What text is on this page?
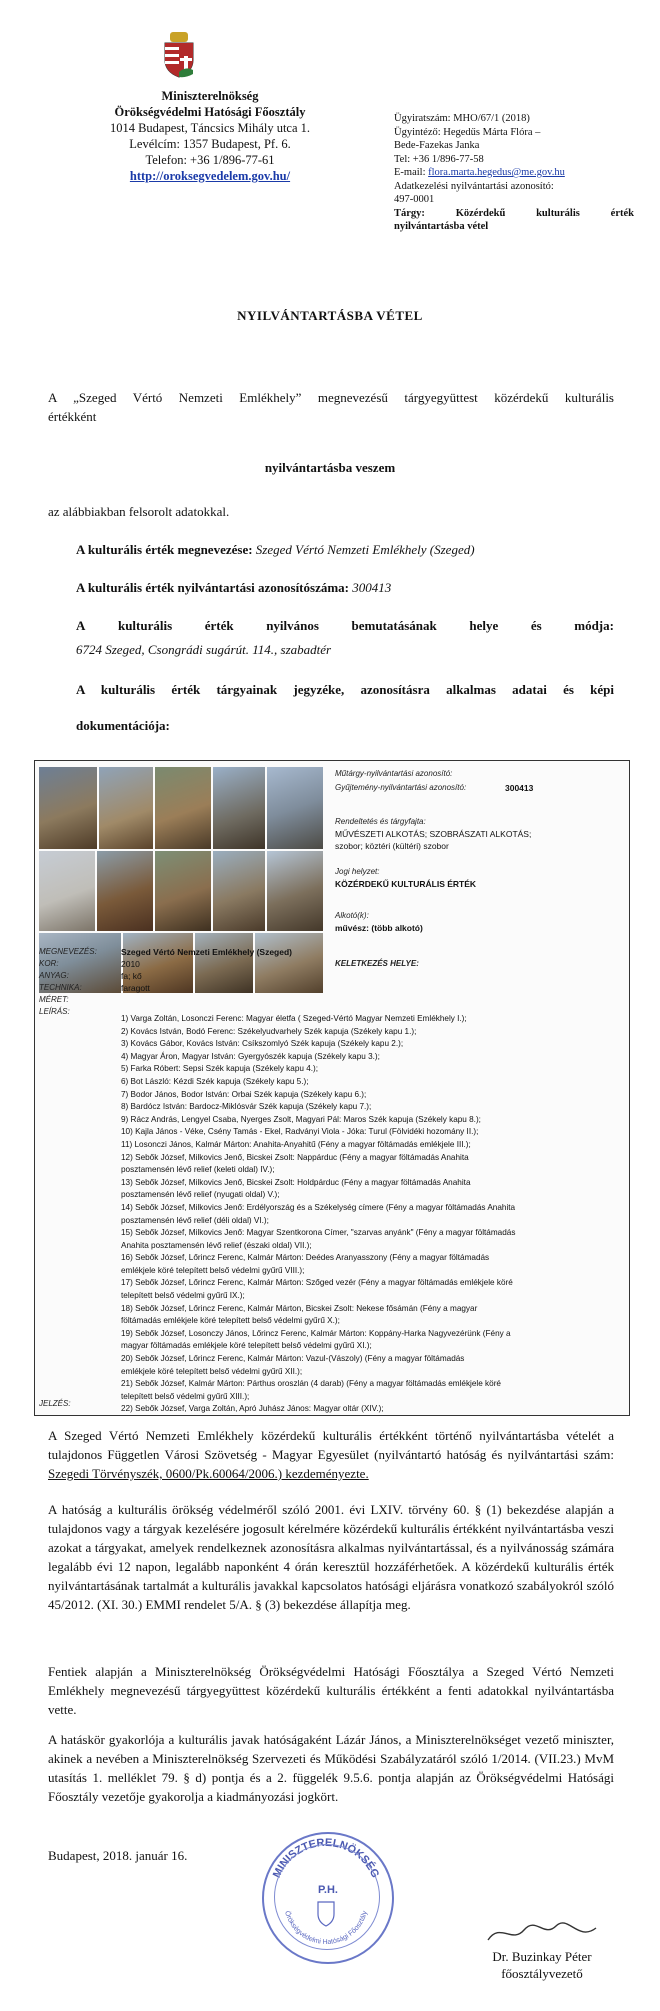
Miniszterelnökség
Örökségvédelmi Hatósági Főosztály
1014 Budapest, Táncsics Mihály utca 1.
Levélcím: 1357 Budapest, Pf. 6.
Telefon: +36 1/896-77-61
http://oroksegvedelem.gov.hu/
Ügyiratszám: MHO/67/1 (2018)
Ügyintéző: Hegedűs Márta Flóra –
Bede-Fazekas Janka
Tel: +36 1/896-77-58
E-mail: flora.marta.hegedus@me.gov.hu
Adatkezelési nyilvántartási azonosító:
497-0001
Tárgy:	Közérdekű	kulturális	érték
nyilvántartásba vétel
NYILVÁNTARTÁSBA VÉTEL
A „Szeged Vértó Nemzeti Emlékhely” megnevezésű tárgyegyüttest közérdekű kulturális
értékként
nyilvántartásba veszem
az alábbiakban felsorolt adatokkal.
A kulturális érték megnevezése: Szeged Vértó Nemzeti Emlékhely (Szeged)
A kulturális érték nyilvántartási azonosítószáma: 300413
A	kulturális	érték	nyilvános	bemutatásának	helye	és	módja:
6724 Szeged, Csongrádi sugárút. 114., szabadtér
A kulturális érték tárgyainak jegyzéke, azonosításra alkalmas adatai és képi
dokumentációja:
Műtárgy-nyilvántartási azonosító:
Gyűjtemény-nyilvántartási azonosító:	300413
Rendeltetés és tárgyfajta:
MŰVÉSZETI ALKOTÁS; SZOBRÁSZATI ALKOTÁS;
szobor; köztéri (kültéri) szobor
Jogi helyzet:
KÖZÉRDEKŰ KULTURÁLIS ÉRTÉK
Alkotó(k):
művész: (több alkotó)
MEGNEVEZÉS:	Szeged Vértó Nemzeti Emlékhely (Szeged)
KOR:	2010	KELETKEZÉS HELYE:
ANYAG:	fa; kő
TECHNIKA:	faragott
MÉRET:
LEÍRÁS:
1) Varga Zoltán, Losonczi Ferenc: Magyar életfa ( Szeged-Vértó Magyar Nemzeti Emlékhely I.);
2) Kovács István, Bodó Ferenc: Székelyudvarhely Szék kapuja (Székely kapu 1.);
3) Kovács Gábor, Kovács István: Csíkszomlyó Szék kapuja (Székely kapu 2.);
4) Magyar Áron, Magyar István: Gyergyószék kapuja (Székely kapu 3.);
5) Farka Róbert: Sepsi Szék kapuja (Székely kapu 4.);
6) Bot László: Kézdi Szék kapuja (Székely kapu 5.);
7) Bodor János, Bodor István: Orbai Szék kapuja (Székely kapu 6.);
8) Bardócz István: Bardocz-Miklósvár Szék kapuja (Székely kapu 7.);
9) Rácz András, Lengyel Csaba, Nyerges Zsolt, Magyari Pál: Maros Szék kapuja (Székely kapu 8.);
10) Kajla János - Véke, Csény Tamás - Ekel, Radványi Viola - Jóka: Turul (Fölvidéki hozomány II.);
11) Losonczi János, Kalmár Márton: Anahita-Anyahitű (Fény a magyar föltámadás emlékjele III.);
12) Sebők József, Milkovics Jenő, Bicskei Zsolt: Nappárduc (Fény a magyar föltámadás Anahita
posztamensén lévő relief (keleti oldal) IV.);
13) Sebők József, Milkovics Jenő, Bicskei Zsolt: Holdpárduc (Fény a magyar föltámadás Anahita
posztamensén lévő relief (nyugati oldal) V.);
14) Sebők József, Milkovics Jenő: Erdélyország és a Székelység címere (Fény a magyar föltámadás Anahita
posztamensén lévő relief (déli oldal) VI.);
15) Sebők József, Milkovics Jenő: Magyar Szentkorona Címer, "szarvas anyánk" (Fény a magyar föltámadás
Anahita posztamensén lévő relief (északi oldal) VII.);
16) Sebők József, Lőrincz Ferenc, Kalmár Márton: Deédes Aranyasszony (Fény a magyar föltámadás
emlékjele köré telepített belső védelmi gyűrű VIII.);
17) Sebők József, Lőrincz Ferenc, Kalmár Márton: Szőged vezér (Fény a magyar föltámadás emlékjele köré
telepített belső védelmi gyűrű IX.);
18) Sebők József, Lőrincz Ferenc, Kalmár Márton, Bicskei Zsolt: Nekese fősámán (Fény a magyar
föltámadás emlékjele köré telepített belső védelmi gyűrű X.);
19) Sebők József, Losonczy János, Lőrincz Ferenc, Kalmár Márton: Koppány-Harka Nagyvezérünk (Fény a
magyar föltámadás emlékjele köré telepített belső védelmi gyűrű XI.);
20) Sebők József, Lőrincz Ferenc, Kalmár Márton: Vazul-(Vászoly) (Fény a magyar föltámadás
emlékjele köré telepített belső védelmi gyűrű XII.);
21) Sebők József, Kalmár Márton: Párthus oroszlán (4 darab) (Fény a magyar föltámadás emlékjele köré
telepített belső védelmi gyűrű XIII.);
22) Sebők József, Varga Zoltán, Apró Juhász János: Magyar oltár (XIV.);
JELZÉS:
A Szeged Vértó Nemzeti Emlékhely közérdekű kulturális értékként történő nyilvántartásba vételét a tulajdonos Független Városi Szövetség - Magyar Egyesület (nyilvántartó hatóság és nyilvántartási szám: Szegedi Törvényszék, 0600/Pk.60064/2006.) kezdeményezte.
A hatóság a kulturális örökség védelméről szóló 2001. évi LXIV. törvény 60. § (1) bekezdése alapján a tulajdonos vagy a tárgyak kezelésére jogosult kérelmére közérdekű kulturális értékként nyilvántartásba veszi azokat a tárgyakat, amelyek rendelkeznek azonosításra alkalmas nyilvántartással, és a nyilvánosság számára legalább évi 12 napon, legalább naponként 4 órán keresztül hozzáférhetőek. A közérdekű kulturális érték nyilvántartásának tartalmát a kulturális javakkal kapcsolatos hatósági eljárásra vonatkozó szabályokról szóló 45/2012. (XI. 30.) EMMI rendelet 5/A. § (3) bekezdése állapítja meg.
Fentiek alapján a Miniszterelnökség Örökségvédelmi Hatósági Főosztálya a Szeged Vértó Nemzeti Emlékhely megnevezésű tárgyegyüttest közérdekű kulturális értékként a fenti adatokkal nyilvántartásba vette.
A hatáskör gyakorlója a kulturális javak hatóságaként Lázár János, a Miniszterelnökséget vezető miniszter, akinek a nevében a Miniszterelnökség Szervezeti és Működési Szabályzatáról szóló 1/2014. (VII.23.) MvM utasítás 1. melléklet 79. § d) pontja és a 2. függelék 9.5.6. pontja alapján az Örökségvédelmi Hatósági Főosztály vezetője gyakorolja a kiadmányozási jogkört.
Budapest, 2018. január 16.
MINISZTERELNÖKSÉG
Örökségvédelmi Hatósági Főosztály
P.H.
Dr. Buzinkay Péter
főosztályvezető
